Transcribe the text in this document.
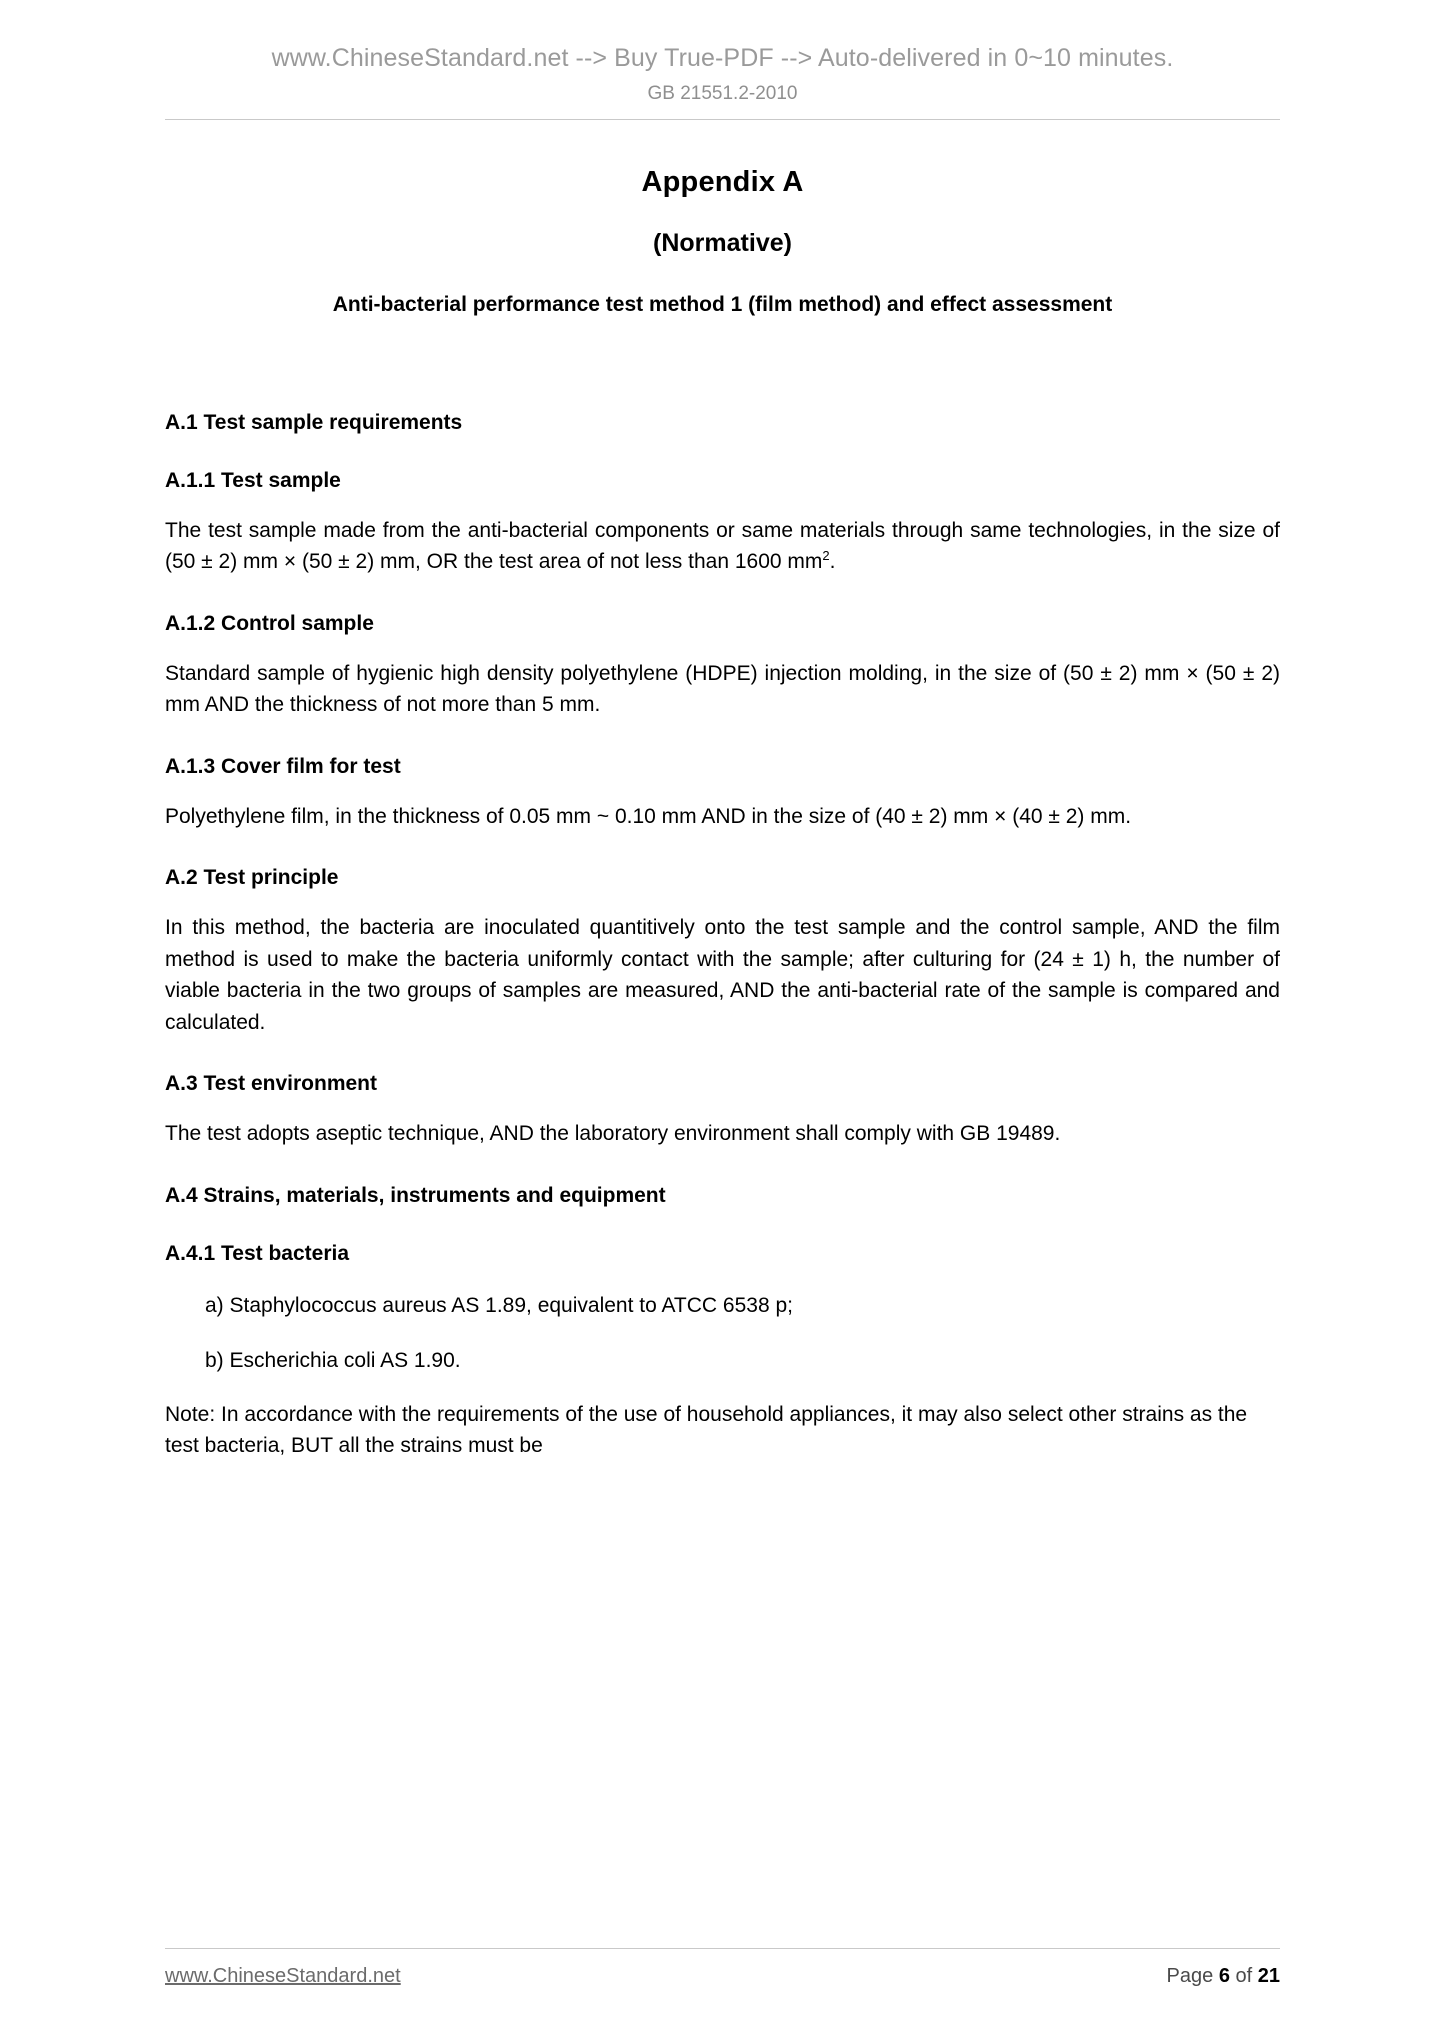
www.ChineseStandard.net --> Buy True-PDF --> Auto-delivered in 0~10 minutes.
GB 21551.2-2010
Appendix A
(Normative)
Anti-bacterial performance test method 1 (film method) and effect assessment

A.1 Test sample requirements

A.1.1 Test sample

The test sample made from the anti-bacterial components or same materials through same technologies, in the size of (50 ± 2) mm × (50 ± 2) mm, OR the test area of not less than 1600 $mm^2$.

A.1.2 Control sample

Standard sample of hygienic high density polyethylene (HDPE) injection molding, in the size of (50 ± 2) mm × (50 ± 2) mm AND the thickness of not more than 5 mm.

A.1.3 Cover film for test

Polyethylene film, in the thickness of 0.05 mm ~ 0.10 mm AND in the size of (40 ± 2) mm × (40 ± 2) mm.

A.2 Test principle

In this method, the bacteria are inoculated quantitively onto the test sample and the control sample, AND the film method is used to make the bacteria uniformly contact with the sample; after culturing for (24 ± 1) h, the number of viable bacteria in the two groups of samples are measured, AND the anti-bacterial rate of the sample is compared and calculated.

A.3 Test environment

The test adopts aseptic technique, AND the laboratory environment shall comply with GB 19489.

A.4 Strains, materials, instruments and equipment

A.4.1 Test bacteria

a) Staphylococcus aureus AS 1.89, equivalent to ATCC 6538 p;

b) Escherichia coli AS 1.90.

Note: In accordance with the requirements of the use of household appliances, it may also select other strains as the test bacteria, BUT all the strains must be

www.ChineseStandard.net	Page 6 of 21
